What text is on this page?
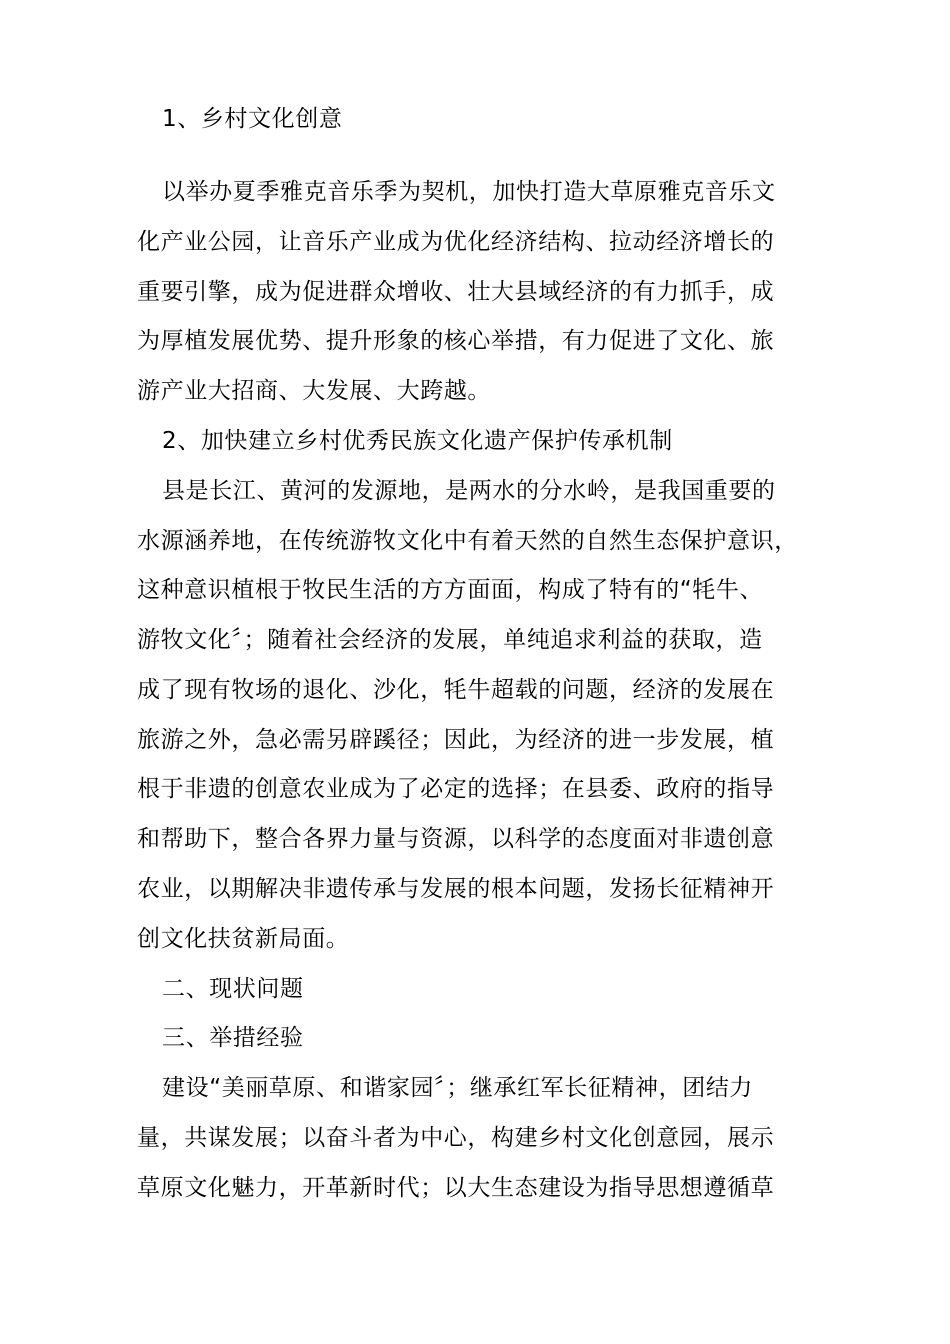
1、乡村文化创意
以举办夏季雅克音乐季为契机，加快打造大草原雅克音乐文
化产业公园，让音乐产业成为优化经济结构、拉动经济增长的
重要引擎，成为促进群众增收、壮大县域经济的有力抓手，成
为厚植发展优势、提升形象的核心举措，有力促进了文化、旅
游产业大招商、大发展、大跨越。
2、加快建立乡村优秀民族文化遗产保护传承机制
县是长江、黄河的发源地，是两水的分水岭，是我国重要的
水源涵养地，在传统游牧文化中有着天然的自然生态保护意识，
这种意识植根于牧民生活的方方面面，构成了特有的“牦牛、
游牧文化〞；随着社会经济的发展，单纯追求利益的获取，造
成了现有牧场的退化、沙化，牦牛超载的问题，经济的发展在
旅游之外，急必需另辟蹊径；因此，为经济的进一步发展，植
根于非遗的创意农业成为了必定的选择；在县委、政府的指导
和帮助下，整合各界力量与资源，以科学的态度面对非遗创意
农业，以期解决非遗传承与发展的根本问题，发扬长征精神开
创文化扶贫新局面。
二、现状问题
三、举措经验
建设“美丽草原、和谐家园〞；继承红军长征精神，团结力
量，共谋发展；以奋斗者为中心，构建乡村文化创意园，展示
草原文化魅力，开革新时代；以大生态建设为指导思想遵循草
